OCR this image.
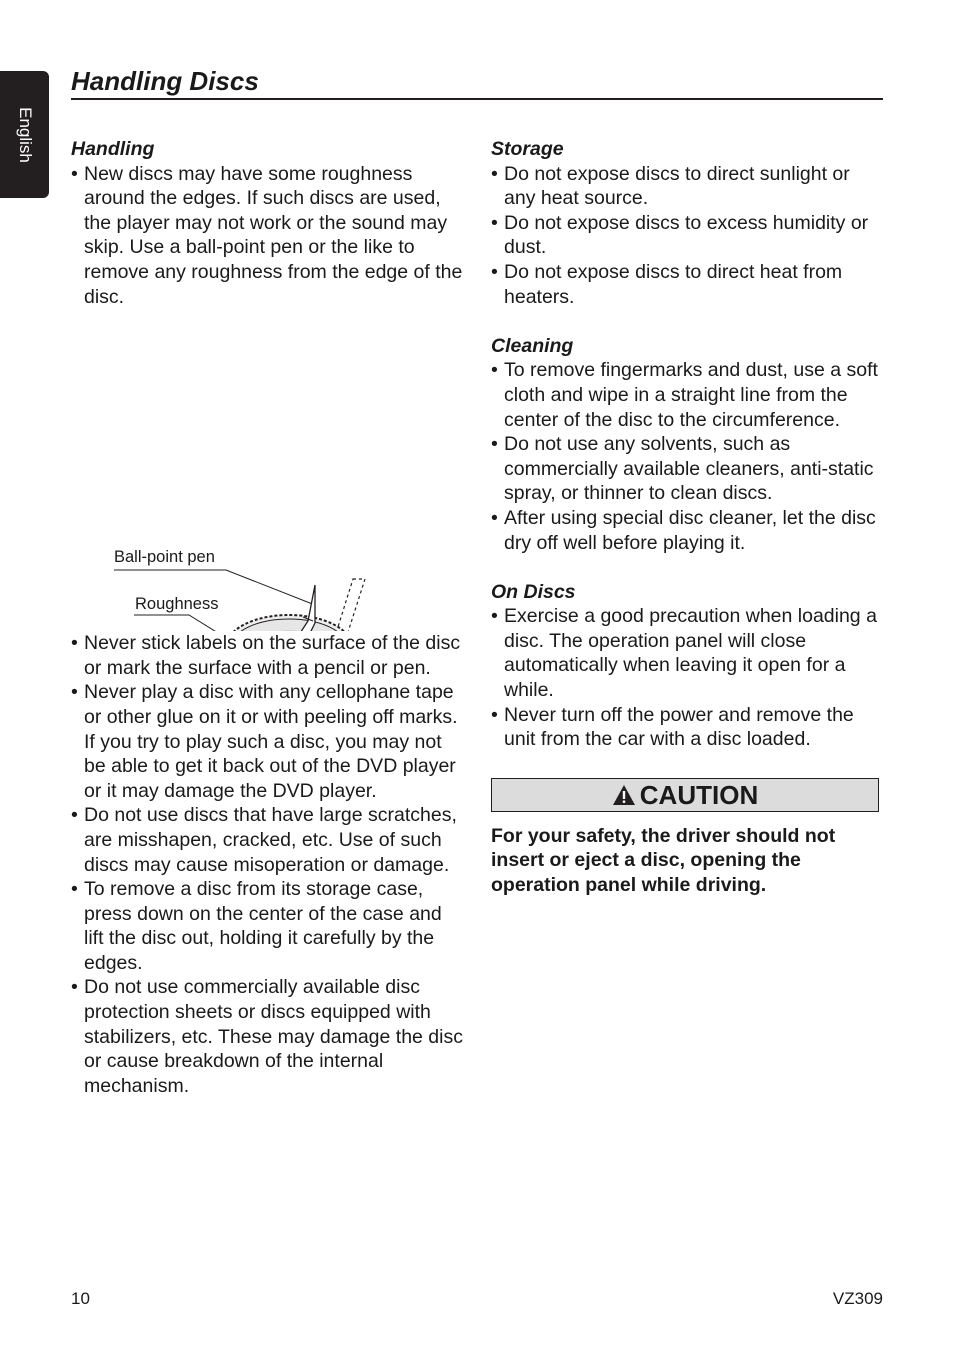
English
Handling Discs
Handling
• New discs may have some roughness around the edges. If such discs are used, the player may not work or the sound may skip. Use a ball-point pen or the like to remove any roughness from the edge of the disc.
Ball-point pen
Roughness
• Never stick labels on the surface of the disc or mark the surface with a pencil or pen.
• Never play a disc with any cellophane tape or other glue on it or with peeling off marks. If you try to play such a disc, you may not be able to get it back out of the DVD player or it may damage the DVD player.
• Do not use discs that have large scratches, are misshapen, cracked, etc. Use of such discs may cause misoperation or damage.
• To remove a disc from its storage case, press down on the center of the case and lift the disc out, holding it carefully by the edges.
• Do not use commercially available disc protection sheets or discs equipped with stabilizers, etc. These may damage the disc or cause breakdown of the internal mechanism.
Storage
• Do not expose discs to direct sunlight or any heat source.
• Do not expose discs to excess humidity or dust.
• Do not expose discs to direct heat from heaters.
Cleaning
• To remove fingermarks and dust, use a soft cloth and wipe in a straight line from the center of the disc to the circumference.
• Do not use any solvents, such as commercially available cleaners, anti-static spray, or thinner to clean discs.
• After using special disc cleaner, let the disc dry off well before playing it.
On Discs
• Exercise a good precaution when loading a disc. The operation panel will close automatically when leaving it open for a while.
• Never turn off the power and remove the unit from the car with a disc loaded.
CAUTION
For your safety, the driver should not insert or eject a disc, opening the operation panel while driving.
10	VZ309
